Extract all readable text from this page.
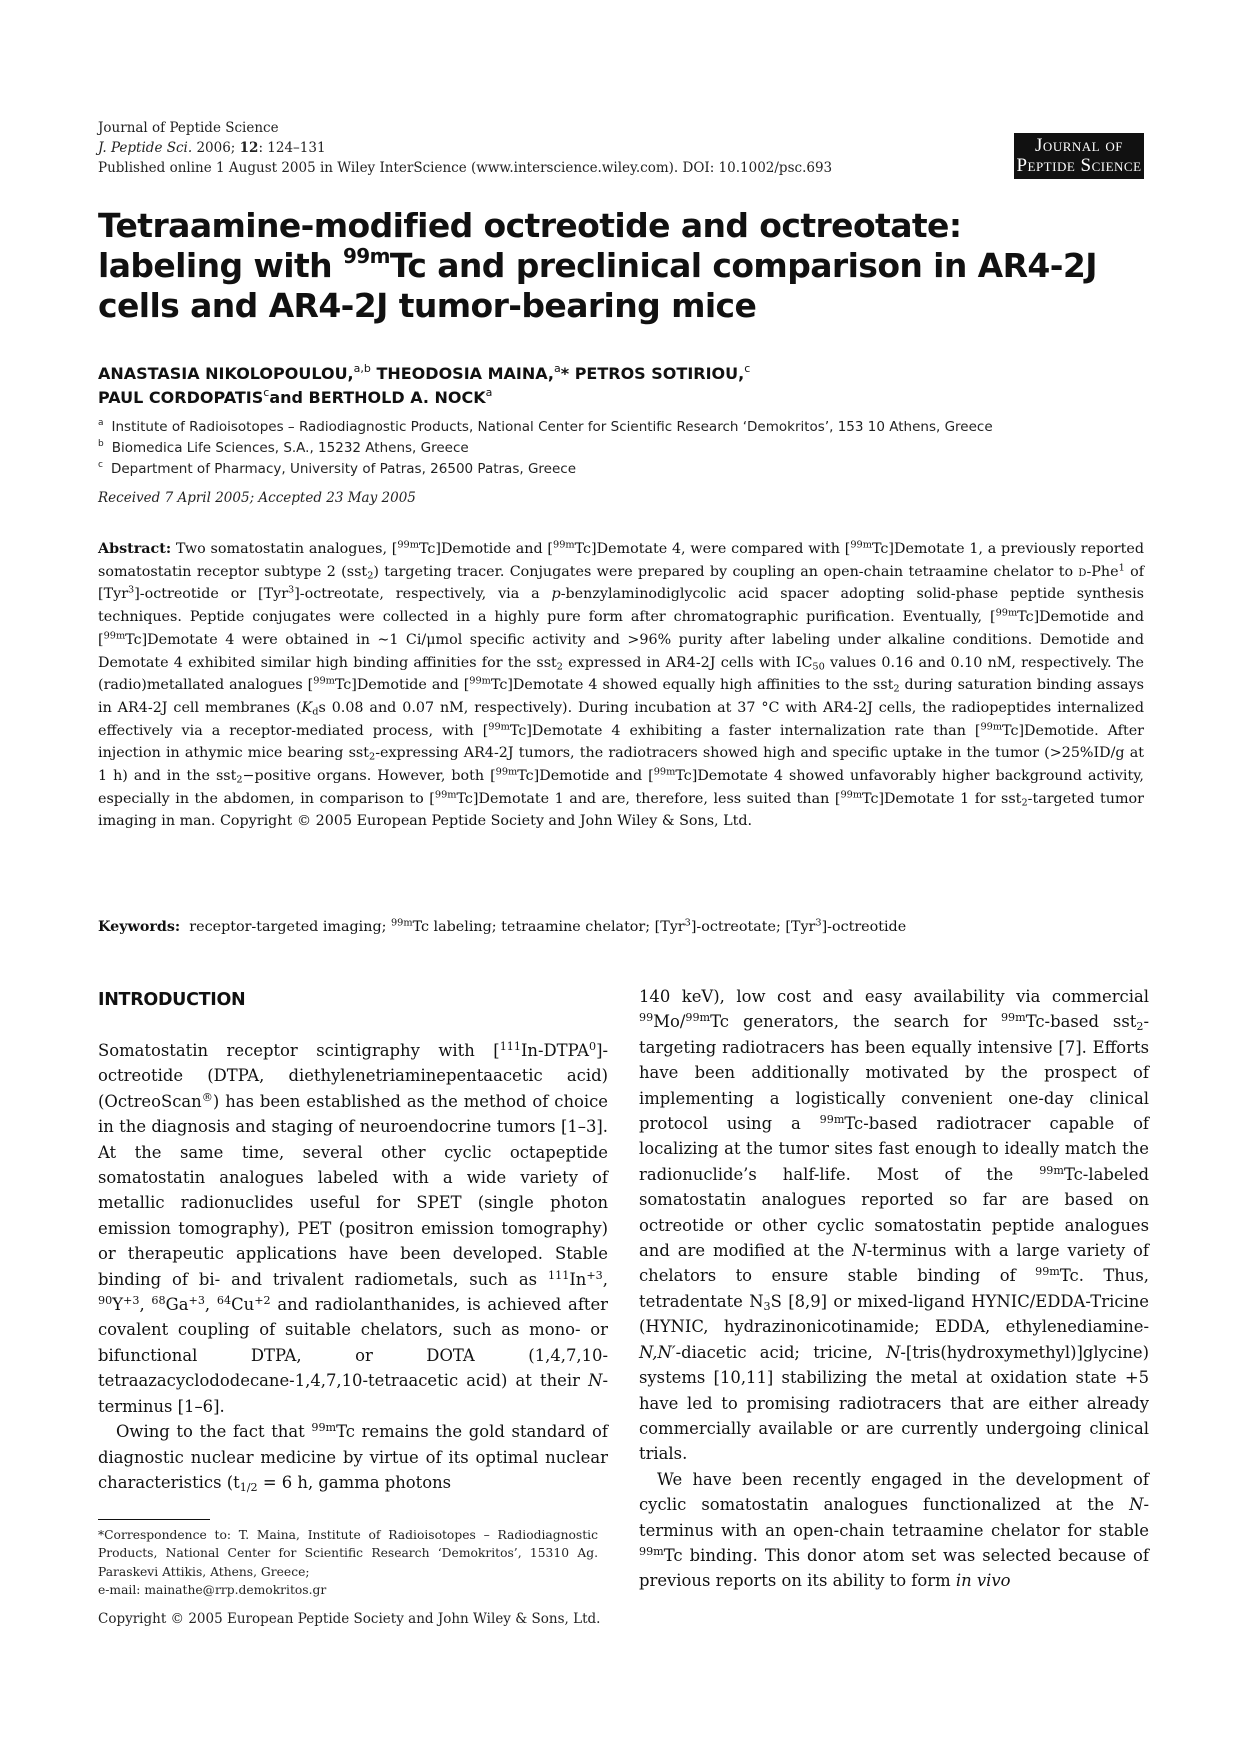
Journal of Peptide Science
J. Peptide Sci. 2006; 12: 124–131
Published online 1 August 2005 in Wiley InterScience (www.interscience.wiley.com). DOI: 10.1002/psc.693
Journal of
Peptide Science
Tetraamine-modified octreotide and octreotate: labeling with $^{99m}$Tc and preclinical comparison in AR4-2J cells and AR4-2J tumor-bearing mice
ANASTASIA NIKOLOPOULOU,$^{a,b}$ THEODOSIA MAINA,$^a$* PETROS SOTIRIOU,$^c$
PAUL CORDOPATIS$^c$and BERTHOLD A. NOCK$^a$
$^a$ Institute of Radioisotopes – Radiodiagnostic Products, National Center for Scientific Research ‘Demokritos’, 153 10 Athens, Greece
$^b$ Biomedica Life Sciences, S.A., 15232 Athens, Greece
$^c$ Department of Pharmacy, University of Patras, 26500 Patras, Greece
Received 7 April 2005; Accepted 23 May 2005
Abstract: Two somatostatin analogues, [$^{99m}$Tc]Demotide and [$^{99m}$Tc]Demotate 4, were compared with [$^{99m}$Tc]Demotate 1, a previously reported somatostatin receptor subtype 2 (sst$_2$) targeting tracer. Conjugates were prepared by coupling an open-chain tetraamine chelator to d-Phe$^1$ of [Tyr$^3$]-octreotide or [Tyr$^3$]-octreotate, respectively, via a p-benzylaminodiglycolic acid spacer adopting solid-phase peptide synthesis techniques. Peptide conjugates were collected in a highly pure form after chromatographic purification. Eventually, [$^{99m}$Tc]Demotide and [$^{99m}$Tc]Demotate 4 were obtained in ∼1 Ci/μmol specific activity and >96% purity after labeling under alkaline conditions. Demotide and Demotate 4 exhibited similar high binding affinities for the sst$_2$ expressed in AR4-2J cells with $IC_{50}$ values 0.16 and 0.10 nM, respectively. The (radio)metallated analogues [$^{99m}$Tc]Demotide and [$^{99m}$Tc]Demotate 4 showed equally high affinities to the sst$_2$ during saturation binding assays in AR4-2J cell membranes ($K_ds$ 0.08 and 0.07 nM, respectively). During incubation at 37 °C with AR4-2J cells, the radiopeptides internalized effectively via a receptor-mediated process, with [$^{99m}$Tc]Demotate 4 exhibiting a faster internalization rate than [$^{99m}$Tc]Demotide. After injection in athymic mice bearing sst$_2$-expressing AR4-2J tumors, the radiotracers showed high and specific uptake in the tumor (>25%ID/g at 1 h) and in the sst$_2$−positive organs. However, both [$^{99m}$Tc]Demotide and [$^{99m}$Tc]Demotate 4 showed unfavorably higher background activity, especially in the abdomen, in comparison to [$^{99m}$Tc]Demotate 1 and are, therefore, less suited than [$^{99m}$Tc]Demotate 1 for sst$_2$-targeted tumor imaging in man. Copyright © 2005 European Peptide Society and John Wiley & Sons, Ltd.
Keywords:  receptor-targeted imaging; $^{99m}$Tc labeling; tetraamine chelator; [Tyr$^3$]-octreotate; [Tyr$^3$]-octreotide
INTRODUCTION

Somatostatin receptor scintigraphy with [$^{111}$In-DTPA$^0$]-octreotide (DTPA, diethylenetriaminepentaacetic acid) (OctreoScan®) has been established as the method of choice in the diagnosis and staging of neuroendocrine tumors [1–3]. At the same time, several other cyclic octapeptide somatostatin analogues labeled with a wide variety of metallic radionuclides useful for SPET (single photon emission tomography), PET (positron emission tomography) or therapeutic applications have been developed. Stable binding of bi- and trivalent radiometals, such as $^{111}In^{+3}$, $^{90}Y^{+3}$, $^{68}Ga^{+3}$, $^{64}Cu^{+2}$ and radiolanthanides, is achieved after covalent coupling of suitable chelators, such as mono- or bifunctional DTPA, or DOTA (1,4,7,10-tetraazacyclododecane-1,4,7,10-tetraacetic acid) at their N-terminus [1–6].

Owing to the fact that $^{99m}$Tc remains the gold standard of diagnostic nuclear medicine by virtue of its optimal nuclear characteristics ($t_{1/2} = 6$ h, gamma photons

140 keV), low cost and easy availability via commercial $^{99}$Mo/$^{99m}$Tc generators, the search for $^{99m}$Tc-based sst$_2$-targeting radiotracers has been equally intensive [7]. Efforts have been additionally motivated by the prospect of implementing a logistically convenient one-day clinical protocol using a $^{99m}$Tc-based radiotracer capable of localizing at the tumor sites fast enough to ideally match the radionuclide’s half-life. Most of the $^{99m}$Tc-labeled somatostatin analogues reported so far are based on octreotide or other cyclic somatostatin peptide analogues and are modified at the N-terminus with a large variety of chelators to ensure stable binding of $^{99m}$Tc. Thus, tetradentate $N_3S$ [8,9] or mixed-ligand HYNIC/EDDA-Tricine (HYNIC, hydrazinonicotinamide; EDDA, ethylenediamine-N,N′-diacetic acid; tricine, N-[tris(hydroxymethyl)]glycine) systems [10,11] stabilizing the metal at oxidation state +5 have led to promising radiotracers that are either already commercially available or are currently undergoing clinical trials.

We have been recently engaged in the development of cyclic somatostatin analogues functionalized at the N-terminus with an open-chain tetraamine chelator for stable $^{99m}$Tc binding. This donor atom set was selected because of previous reports on its ability to form in vivo

*Correspondence to: T. Maina, Institute of Radioisotopes – Radiodiagnostic Products, National Center for Scientific Research ‘Demokritos’, 15310 Ag. Paraskevi Attikis, Athens, Greece;
e-mail: mainathe@rrp.demokritos.gr
Copyright © 2005 European Peptide Society and John Wiley & Sons, Ltd.
